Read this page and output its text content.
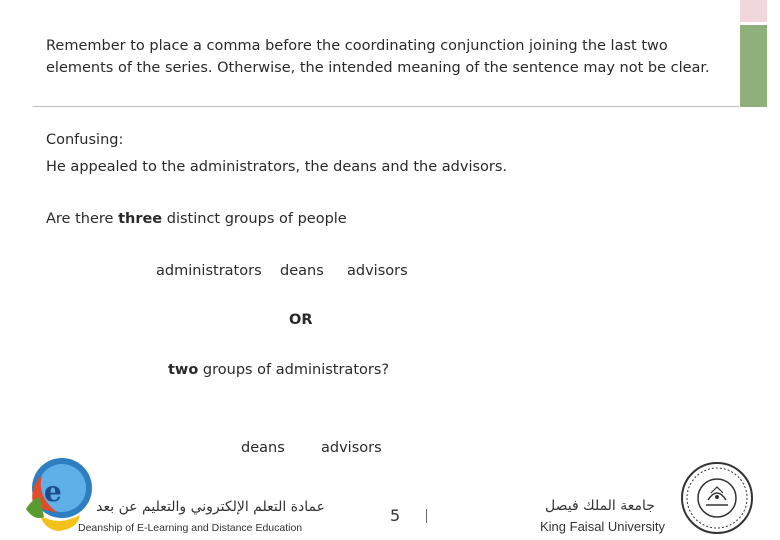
Remember to place a comma before the coordinating conjunction joining the last two elements of the series. Otherwise, the intended meaning of the sentence may not be clear.
Confusing:
He appealed to the administrators, the deans and the advisors.
Are there three distinct groups of people
administrators deans advisors
OR
two groups of administrators?
deans advisors
e عمادة التعلم الإلكتروني والتعليم عن بعد
Deanship of E-Learning and Distance Education
5	جامعة الملك فيصل
King Faisal University
